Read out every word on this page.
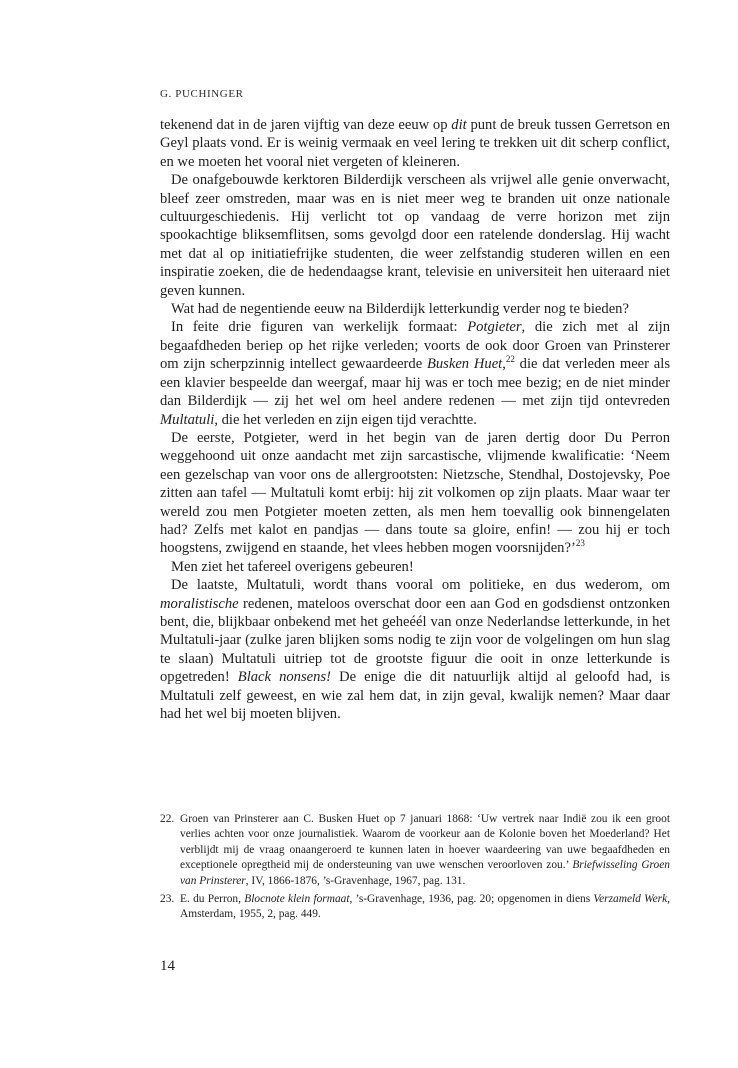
G. PUCHINGER

tekenend dat in de jaren vijftig van deze eeuw op dit punt de breuk tussen Gerretson en Geyl plaats vond. Er is weinig vermaak en veel lering te trekken uit dit scherp conflict, en we moeten het vooral niet vergeten of kleineren.

De onafgebouwde kerktoren Bilderdijk verscheen als vrijwel alle genie onverwacht, bleef zeer omstreden, maar was en is niet meer weg te branden uit onze nationale cultuurgeschiedenis. Hij verlicht tot op vandaag de verre horizon met zijn spookachtige bliksemflitsen, soms gevolgd door een ratelende donderslag. Hij wacht met dat al op initiatiefrijke studenten, die weer zelfstandig studeren willen en een inspiratie zoeken, die de hedendaagse krant, televisie en universiteit hen uiteraard niet geven kunnen.

Wat had de negentiende eeuw na Bilderdijk letterkundig verder nog te bieden?

In feite drie figuren van werkelijk formaat: Potgieter, die zich met al zijn begaafdheden beriep op het rijke verleden; voorts de ook door Groen van Prinsterer om zijn scherpzinnig intellect gewaardeerde Busken Huet,$^{22}$ die dat verleden meer als een klavier bespeelde dan weergaf, maar hij was er toch mee bezig; en de niet minder dan Bilderdijk — zij het wel om heel andere redenen — met zijn tijd ontevreden Multatuli, die het verleden en zijn eigen tijd verachtte.

De eerste, Potgieter, werd in het begin van de jaren dertig door Du Perron weggehoond uit onze aandacht met zijn sarcastische, vlijmende kwalificatie: ‘Neem een gezelschap van voor ons de allergrootsten: Nietzsche, Stendhal, Dostojevsky, Poe zitten aan tafel — Multatuli komt erbij: hij zit volkomen op zijn plaats. Maar waar ter wereld zou men Potgieter moeten zetten, als men hem toevallig ook binnengelaten had? Zelfs met kalot en pandjas — dans toute sa gloire, enfin! — zou hij er toch hoogstens, zwijgend en staande, het vlees hebben mogen voorsnijden?’$^{23}$

Men ziet het tafereel overigens gebeuren!

De laatste, Multatuli, wordt thans vooral om politieke, en dus wederom, om moralistische redenen, mateloos overschat door een aan God en godsdienst ontzonken bent, die, blijkbaar onbekend met het geheéél van onze Nederlandse letterkunde, in het Multatuli-jaar (zulke jaren blijken soms nodig te zijn voor de volgelingen om hun slag te slaan) Multatuli uitriep tot de grootste figuur die ooit in onze letterkunde is opgetreden! Black nonsens! De enige die dit natuurlijk altijd al geloofd had, is Multatuli zelf geweest, en wie zal hem dat, in zijn geval, kwalijk nemen? Maar daar had het wel bij moeten blijven.

22. Groen van Prinsterer aan C. Busken Huet op 7 januari 1868: ‘Uw vertrek naar Indië zou ik een groot verlies achten voor onze journalistiek. Waarom de voorkeur aan de Kolonie boven het Moederland? Het verblijdt mij de vraag onaangeroerd te kunnen laten in hoever waardeering van uwe begaafdheden en exceptionele opregtheid mij de ondersteuning van uwe wenschen veroorloven zou.’ Briefwisseling Groen van Prinsterer, IV, 1866-1876, ’s-Gravenhage, 1967, pag. 131.
23. E. du Perron, Blocnote klein formaat, ’s-Gravenhage, 1936, pag. 20; opgenomen in diens Verzameld Werk, Amsterdam, 1955, 2, pag. 449.
14
